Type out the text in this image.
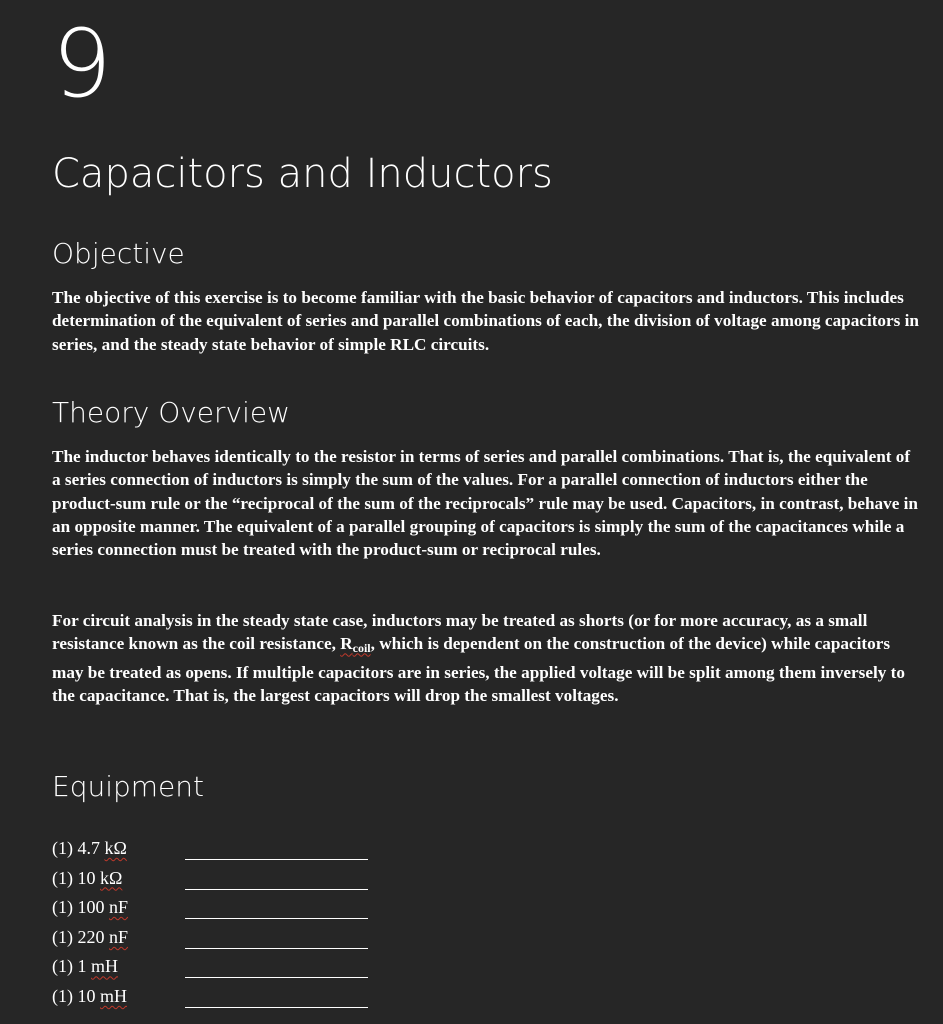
9
Capacitors and Inductors
Objective
The objective of this exercise is to become familiar with the basic behavior of capacitors and inductors. This includes determination of the equivalent of series and parallel combinations of each, the division of voltage among capacitors in series, and the steady state behavior of simple RLC circuits.
Theory Overview
The inductor behaves identically to the resistor in terms of series and parallel combinations. That is, the equivalent of a series connection of inductors is simply the sum of the values. For a parallel connection of inductors either the product-sum rule or the “reciprocal of the sum of the reciprocals” rule may be used. Capacitors, in contrast, behave in an opposite manner. The equivalent of a parallel grouping of capacitors is simply the sum of the capacitances while a series connection must be treated with the product-sum or reciprocal rules.
For circuit analysis in the steady state case, inductors may be treated as shorts (or for more accuracy, as a small resistance known as the coil resistance, $R_{coil}$, which is dependent on the construction of the device) while capacitors may be treated as opens. If multiple capacitors are in series, the applied voltage will be split among them inversely to the capacitance. That is, the largest capacitors will drop the smallest voltages.
Equipment
(1) 4.7 kΩ
(1) 10 kΩ
(1) 100 nF
(1) 220 nF
(1) 1 mH
(1) 10 mH
